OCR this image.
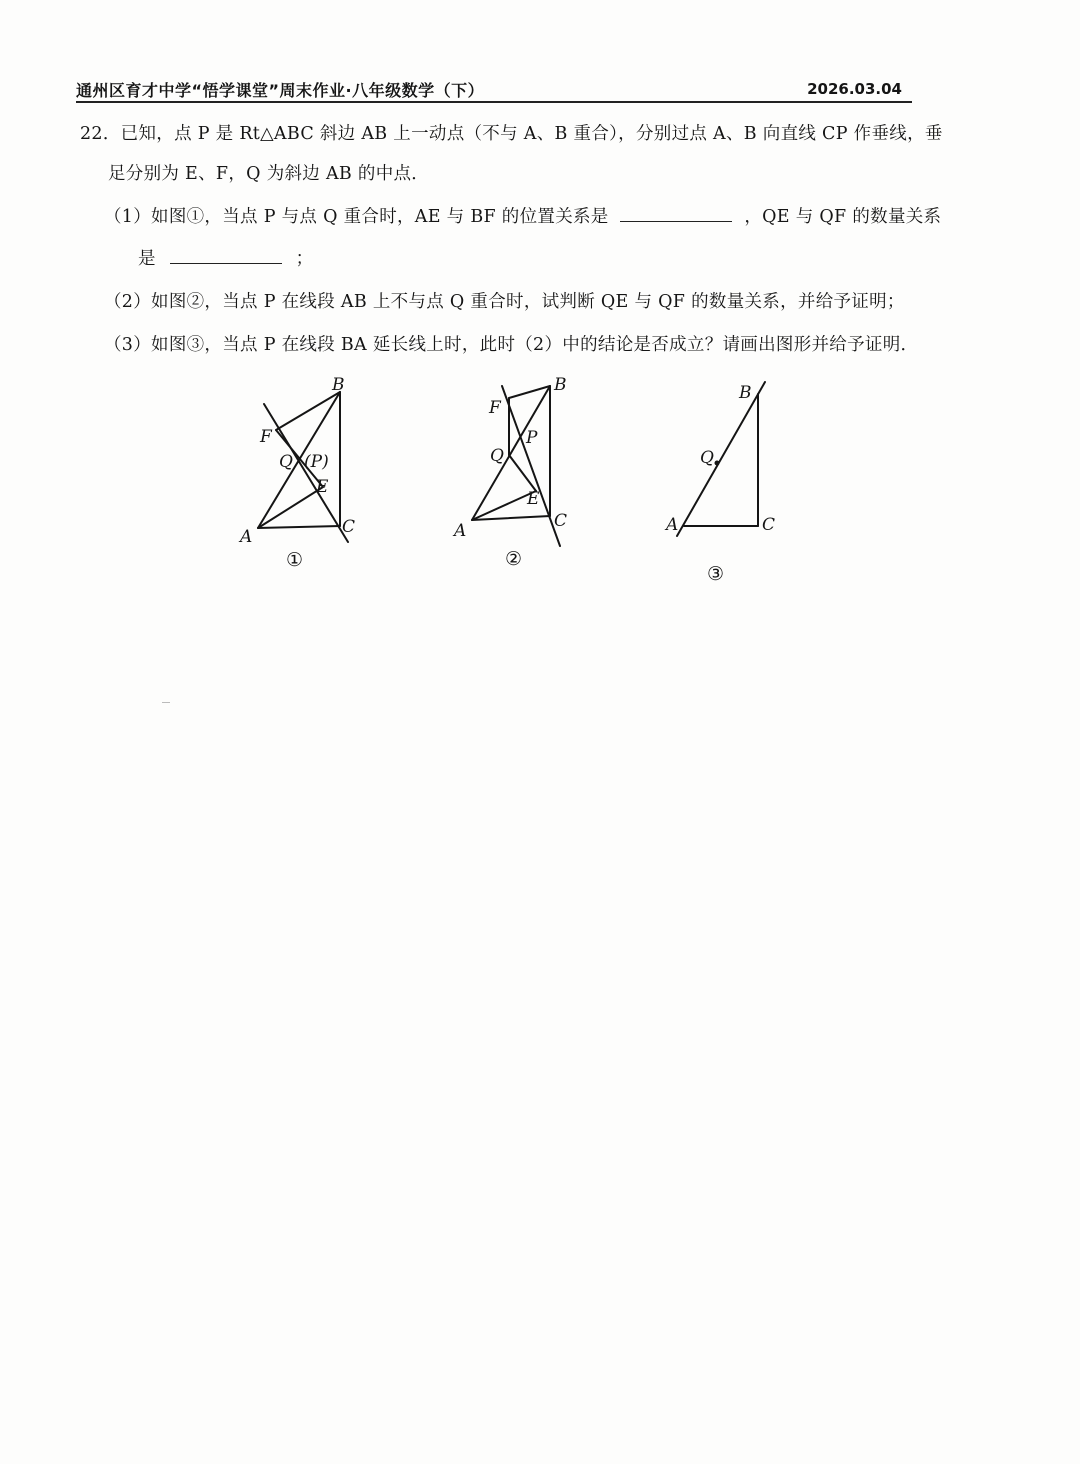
通州区育才中学“悟学课堂”周末作业·八年级数学（下）	2026.03.04
22．已知，点 P 是 Rt△ABC 斜边 AB 上一动点（不与 A、B 重合），分别过点 A、B 向直线 CP 作垂线，垂
足分别为 E、F，Q 为斜边 AB 的中点．
（1）如图①，当点 P 与点 Q 重合时，AE 与 BF 的位置关系是	，QE 与 QF 的数量关系
是	；
（2）如图②，当点 P 在线段 AB 上不与点 Q 重合时，试判断 QE 与 QF 的数量关系，并给予证明；
（3）如图③，当点 P 在线段 BA 延长线上时，此时（2）中的结论是否成立？请画出图形并给予证明．
B
F
Q (P)
E
A	C
①
B
F
P
Q
E
A	C
②
B
Q
A	C
③
